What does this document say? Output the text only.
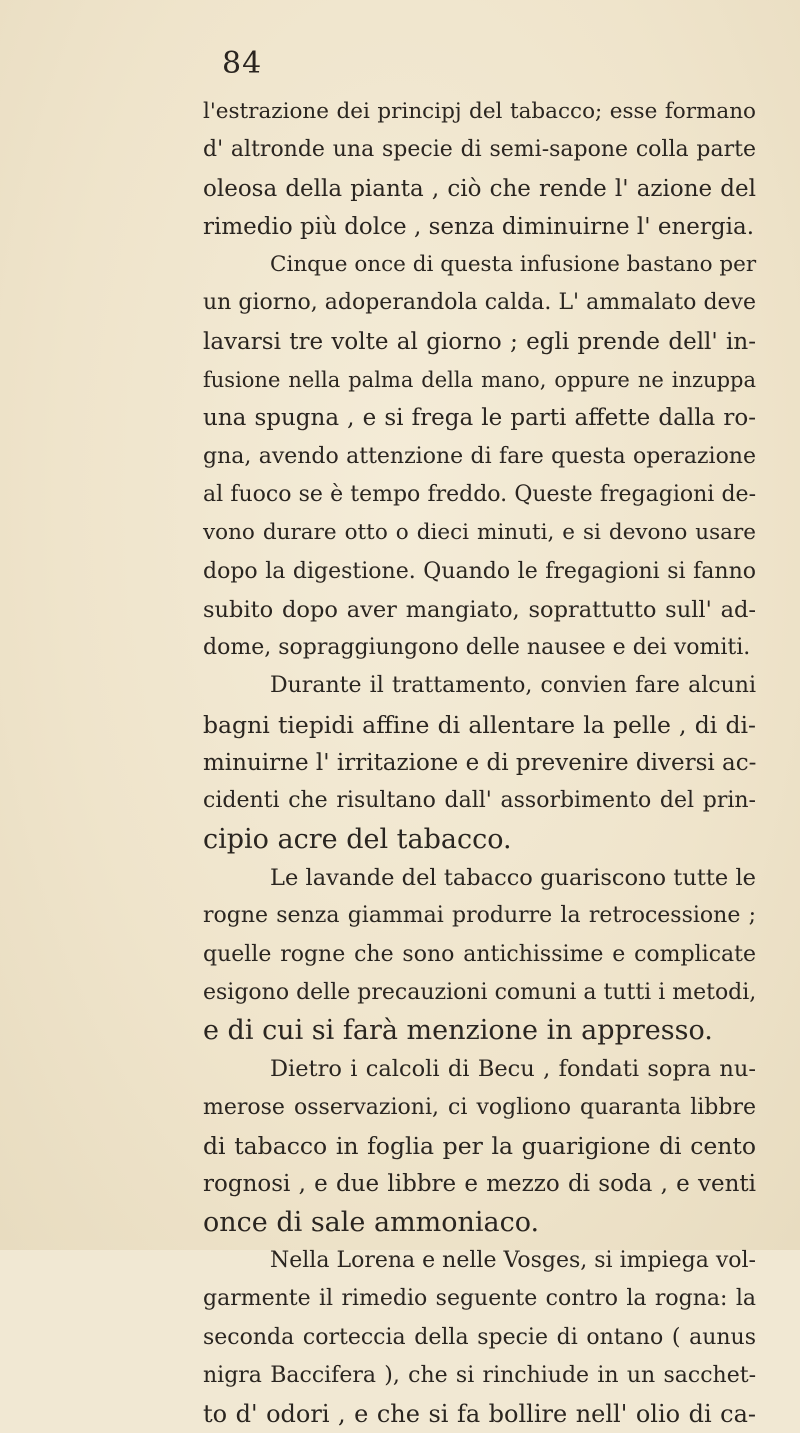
84
l'estrazione dei principj del tabacco; esse formano
d' altronde una specie di semi-sapone colla parte
oleosa della pianta , ciò che rende l' azione del
rimedio più dolce , senza diminuirne l' energia.
Cinque once di questa infusione bastano per
un giorno, adoperandola calda. L' ammalato deve
lavarsi tre volte al giorno ; egli prende dell' in-
fusione nella palma della mano, oppure ne inzuppa
una spugna , e si frega le parti affette dalla ro-
gna, avendo attenzione di fare questa operazione
al fuoco se è tempo freddo. Queste fregagioni de-
vono durare otto o dieci minuti, e si devono usare
dopo la digestione. Quando le fregagioni si fanno
subito dopo aver mangiato, soprattutto sull' ad-
dome, sopraggiungono delle nausee e dei vomiti.
Durante il trattamento, convien fare alcuni
bagni tiepidi affine di allentare la pelle , di di-
minuirne l' irritazione e di prevenire diversi ac-
cidenti che risultano dall' assorbimento del prin-
cipio acre del tabacco.
Le lavande del tabacco guariscono tutte le
rogne senza giammai produrre la retrocessione ;
quelle rogne che sono antichissime e complicate
esigono delle precauzioni comuni a tutti i metodi,
e di cui si farà menzione in appresso.
Dietro i calcoli di Becu , fondati sopra nu-
merose osservazioni, ci vogliono quaranta libbre
di tabacco in foglia per la guarigione di cento
rognosi , e due libbre e mezzo di soda , e venti
once di sale ammoniaco.
Nella Lorena e nelle Vosges, si impiega vol-
garmente il rimedio seguente contro la rogna: la
seconda corteccia della specie di ontano ( aunus
nigra Baccifera ), che si rinchiude in un sacchet-
to d' odori , e che si fa bollire nell' olio di ca-
